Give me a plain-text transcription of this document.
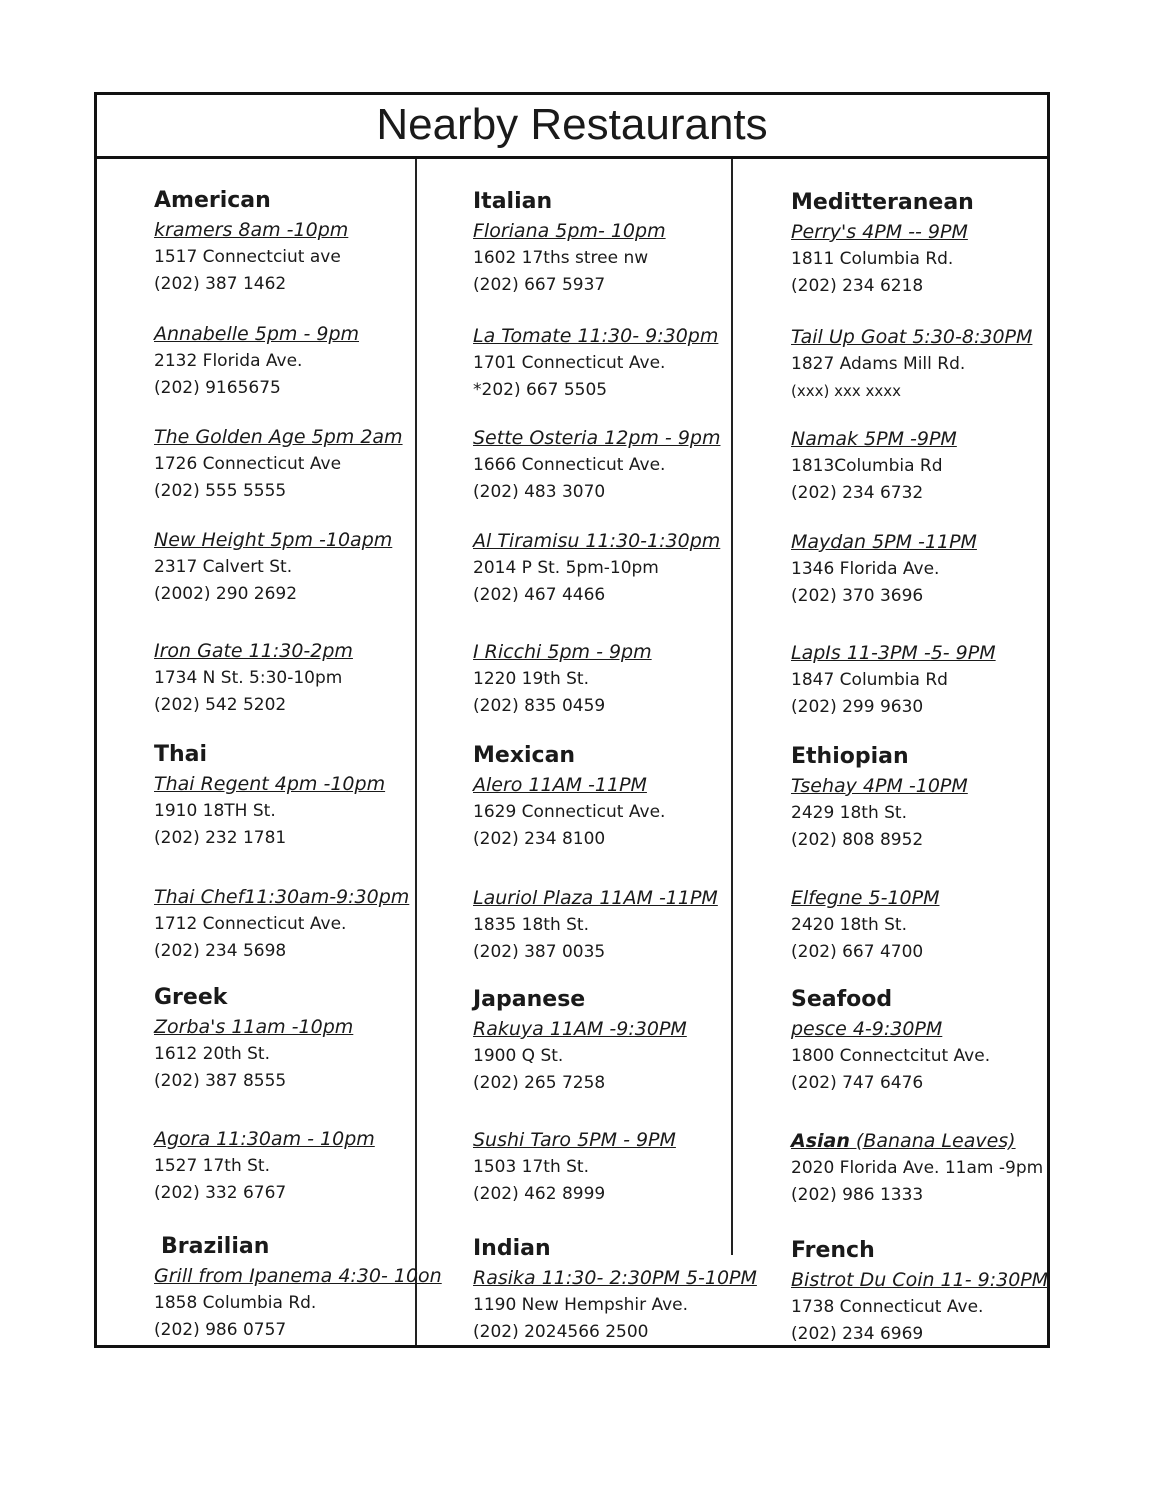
Nearby Restaurants
American
kramers 8am -10pm
1517 Connectciut ave
(202) 387 1462
Annabelle 5pm - 9pm
2132 Florida Ave.
(202) 9165675
The Golden Age 5pm 2am
1726 Connecticut Ave
(202) 555 5555
New Height 5pm -10apm
2317 Calvert St.
(2002) 290 2692
Iron Gate 11:30-2pm
1734 N St. 5:30-10pm
(202) 542 5202
Thai
Thai Regent 4pm -10pm
1910 18TH St.
(202) 232 1781
Thai Chef11:30am-9:30pm
1712 Connecticut Ave.
(202) 234 5698
Greek
Zorba's 11am -10pm
1612 20th St.
(202) 387 8555
Agora 11:30am - 10pm
1527 17th St.
(202) 332 6767
Brazilian
Grill from Ipanema 4:30- 10on
1858 Columbia Rd.
(202) 986 0757
Italian
Floriana 5pm- 10pm
1602 17ths stree nw
(202) 667 5937
La Tomate 11:30- 9:30pm
1701 Connecticut Ave.
*202) 667 5505
Sette Osteria 12pm - 9pm
1666 Connecticut Ave.
(202) 483 3070
Al Tiramisu 11:30-1:30pm
2014 P St. 5pm-10pm
(202) 467 4466
I Ricchi 5pm - 9pm
1220 19th St.
(202) 835 0459
Mexican
Alero 11AM -11PM
1629 Connecticut Ave.
(202) 234 8100
Lauriol Plaza 11AM -11PM
1835 18th St.
(202) 387 0035
Japanese
Rakuya 11AM -9:30PM
1900 Q St.
(202) 265 7258
Sushi Taro 5PM - 9PM
1503 17th St.
(202) 462 8999
Indian
Rasika 11:30- 2:30PM 5-10PM
1190 New Hempshir Ave.
(202) 2024566 2500
Meditteranean
Perry's 4PM -- 9PM
1811 Columbia Rd.
(202) 234 6218
Tail Up Goat 5:30-8:30PM
1827 Adams Mill Rd.
(xxx) xxx xxxx
Namak 5PM -9PM
1813Columbia Rd
(202) 234 6732
Maydan 5PM -11PM
1346 Florida Ave.
(202) 370 3696
LapIs 11-3PM -5- 9PM
1847 Columbia Rd
(202) 299 9630
Ethiopian
Tsehay 4PM -10PM
2429 18th St.
(202) 808 8952
Elfegne 5-10PM
2420 18th St.
(202) 667 4700
Seafood
pesce 4-9:30PM
1800 Connectcitut Ave.
(202) 747 6476
Asian (Banana Leaves)
2020 Florida Ave. 11am -9pm
(202) 986 1333
French
Bistrot Du Coin 11- 9:30PM
1738 Connecticut Ave.
(202) 234 6969
